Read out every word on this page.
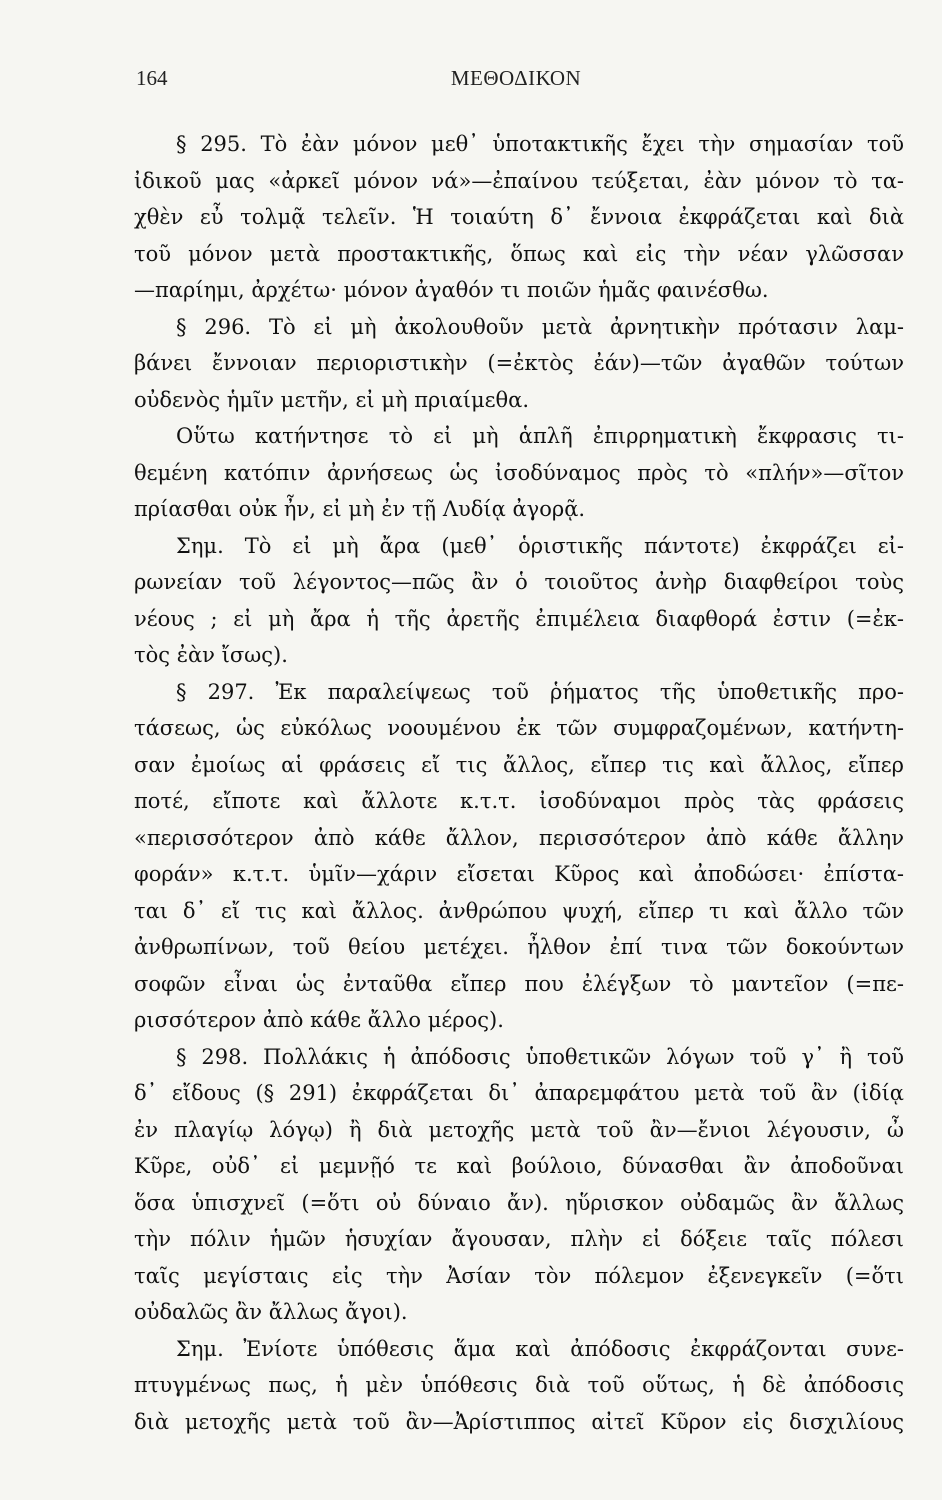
164	ΜΕΘΟΔΙΚΟΝ
§ 295. Τὸ ἐὰν μόνον μεθ᾽ ὑποτακτικῆς ἔχει τὴν σημασίαν τοῦ
ἰδικοῦ μας «ἀρκεῖ μόνον νά»—ἐπαίνου τεύξεται, ἐὰν μόνον τὸ τα-
χθὲν εὖ τολμᾷ τελεῖν. Ἡ τοιαύτη δ᾽ ἔννοια ἐκφράζεται καὶ διὰ
τοῦ μόνον μετὰ προστακτικῆς, ὅπως καὶ εἰς τὴν νέαν γλῶσσαν
—παρίημι, ἀρχέτω· μόνον ἀγαθόν τι ποιῶν ἡμᾶς φαινέσθω.
§ 296. Τὸ εἰ μὴ ἀκολουθοῦν μετὰ ἀρνητικὴν πρότασιν λαμ-
βάνει ἔννοιαν περιοριστικὴν (=ἐκτὸς ἐάν)—τῶν ἀγαθῶν τούτων
οὐδενὸς ἡμῖν μετῆν, εἰ μὴ πριαίμεθα.
Οὕτω κατήντησε τὸ εἰ μὴ ἁπλῆ ἐπιρρηματικὴ ἔκφρασις τι-
θεμένη κατόπιν ἀρνήσεως ὡς ἰσοδύναμος πρὸς τὸ «πλήν»—σῖτον
πρίασθαι οὐκ ἦν, εἰ μὴ ἐν τῇ Λυδίᾳ ἀγορᾷ.
Σημ. Τὸ εἰ μὴ ἄρα (μεθ᾽ ὁριστικῆς πάντοτε) ἐκφράζει εἰ-
ρωνείαν τοῦ λέγοντος—πῶς ἂν ὁ τοιοῦτος ἀνὴρ διαφθείροι τοὺς
νέους ; εἰ μὴ ἄρα ἡ τῆς ἀρετῆς ἐπιμέλεια διαφθορά ἐστιν (=ἐκ-
τὸς ἐὰν ἴσως).
§ 297. Ἐκ παραλείψεως τοῦ ῥήματος τῆς ὑποθετικῆς προ-
τάσεως, ὡς εὐκόλως νοουμένου ἐκ τῶν συμφραζομένων, κατήντη-
σαν ἐμοίως αἱ φράσεις εἴ τις ἄλλος, εἴπερ τις καὶ ἄλλος, εἴπερ
ποτέ, εἴποτε καὶ ἄλλοτε κ.τ.τ. ἰσοδύναμοι πρὸς τὰς φράσεις
«περισσότερον ἀπὸ κάθε ἄλλον, περισσότερον ἀπὸ κάθε ἄλλην
φοράν» κ.τ.τ. ὑμῖν—χάριν εἴσεται Κῦρος καὶ ἀποδώσει· ἐπίστα-
ται δ᾽ εἴ τις καὶ ἄλλος. ἀνθρώπου ψυχή, εἴπερ τι καὶ ἄλλο τῶν
ἀνθρωπίνων, τοῦ θείου μετέχει. ἦλθον ἐπί τινα τῶν δοκούντων
σοφῶν εἶναι ὡς ἐνταῦθα εἴπερ που ἐλέγξων τὸ μαντεῖον (=πε-
ρισσότερον ἀπὸ κάθε ἄλλο μέρος).
§ 298. Πολλάκις ἡ ἀπόδοσις ὑποθετικῶν λόγων τοῦ γ᾽ ἢ τοῦ
δ᾽ εἴδους (§ 291) ἐκφράζεται δι᾽ ἀπαρεμφάτου μετὰ τοῦ ἂν (ἰδίᾳ
ἐν πλαγίῳ λόγῳ) ἢ διὰ μετοχῆς μετὰ τοῦ ἂν—ἔνιοι λέγουσιν, ὦ
Κῦρε, οὐδ᾽ εἰ μεμνῇό τε καὶ βούλοιο, δύνασθαι ἂν ἀποδοῦναι
ὅσα ὑπισχνεῖ (=ὅτι οὐ δύναιο ἄν). ηὕρισκον οὐδαμῶς ἂν ἄλλως
τὴν πόλιν ἡμῶν ἡσυχίαν ἄγουσαν, πλὴν εἰ δόξειε ταῖς πόλεσι
ταῖς μεγίσταις εἰς τὴν Ἀσίαν τὸν πόλεμον ἐξενεγκεῖν (=ὅτι
οὐδαλῶς ἂν ἄλλως ἄγοι).
Σημ. Ἐνίοτε ὑπόθεσις ἅμα καὶ ἀπόδοσις ἐκφράζονται συνε-
πτυγμένως πως, ἡ μὲν ὑπόθεσις διὰ τοῦ οὕτως, ἡ δὲ ἀπόδοσις
διὰ μετοχῆς μετὰ τοῦ ἂν—Ἀρίστιππος αἰτεῖ Κῦρον εἰς δισχιλίους
